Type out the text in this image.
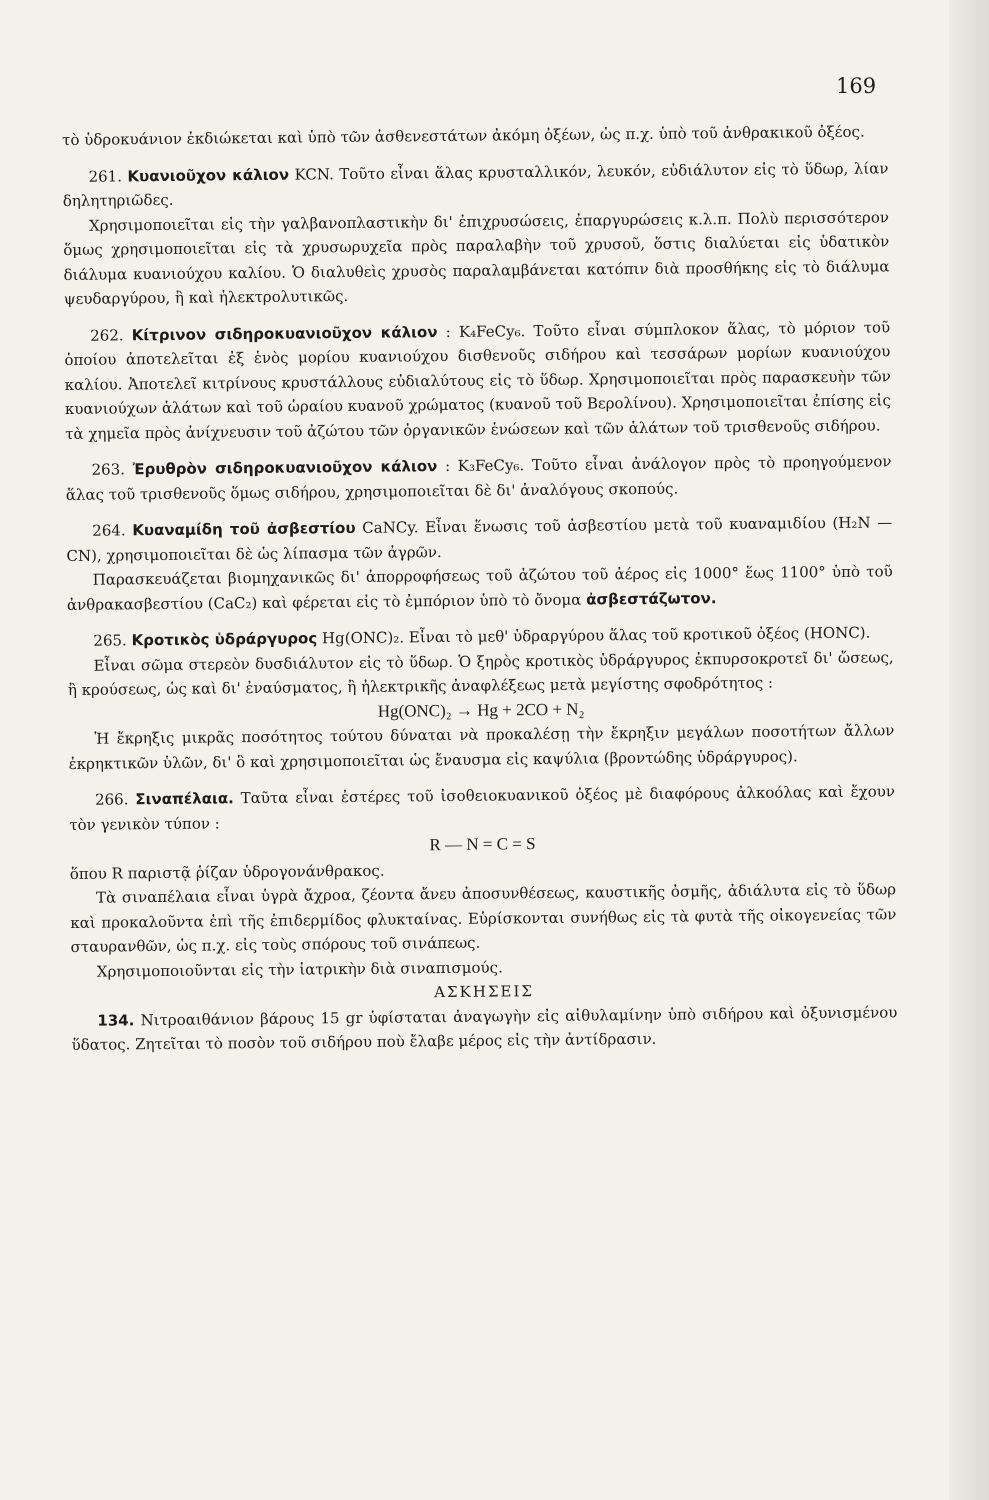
169

τὸ ὑδροκυάνιον ἐκδιώκεται καὶ ὑπὸ τῶν ἀσθενεστάτων ἀκόμη ὀξέων, ὡς π.χ. ὑπὸ τοῦ ἀνθρακικοῦ ὀξέος.

261. Κυανιοῦχον κάλιον KCN. Τοῦτο εἶναι ἅλας κρυσταλλικόν, λευκόν, εὐδιάλυτον εἰς τὸ ὕδωρ, λίαν δηλητηριῶδες.

Χρησιμοποιεῖται εἰς τὴν γαλβανοπλαστικὴν δι' ἐπιχρυσώσεις, ἐπαργυρώσεις κ.λ.π. Πολὺ περισσότερον ὅμως χρησιμοποιεῖται εἰς τὰ χρυσωρυχεῖα πρὸς παραλαβὴν τοῦ χρυσοῦ, ὅστις διαλύεται εἰς ὑδατικὸν διάλυμα κυανιούχου καλίου. Ὁ διαλυθεὶς χρυσὸς παραλαμβάνεται κατόπιν διὰ προσθήκης εἰς τὸ διάλυμα ψευδαργύρου, ἢ καὶ ἠλεκτρολυτικῶς.

262. Κίτρινον σιδηροκυανιοῦχον κάλιον : K₄FeCy₆. Τοῦτο εἶναι σύμπλοκον ἅλας, τὸ μόριον τοῦ ὁποίου ἀποτελεῖται ἐξ ἑνὸς μορίου κυανιούχου δισθενοῦς σιδήρου καὶ τεσσάρων μορίων κυανιούχου καλίου. Ἀποτελεῖ κιτρίνους κρυστάλλους εὐδιαλύτους εἰς τὸ ὕδωρ. Χρησιμοποιεῖται πρὸς παρασκευὴν τῶν κυανιούχων ἁλάτων καὶ τοῦ ὡραίου κυανοῦ χρώματος (κυανοῦ τοῦ Βερολίνου). Χρησιμοποιεῖται ἐπίσης εἰς τὰ χημεῖα πρὸς ἀνίχνευσιν τοῦ ἀζώτου τῶν ὀργανικῶν ἑνώσεων καὶ τῶν ἁλάτων τοῦ τρισθενοῦς σιδήρου.

263. Ἐρυθρὸν σιδηροκυανιοῦχον κάλιον : K₃FeCy₆. Τοῦτο εἶναι ἀνάλογον πρὸς τὸ προηγούμενον ἅλας τοῦ τρισθενοῦς ὅμως σιδήρου, χρησιμοποιεῖται δὲ δι' ἀναλόγους σκοπούς.

264. Κυαναμίδη τοῦ ἀσβεστίου CaNCy. Εἶναι ἕνωσις τοῦ ἀσβεστίου μετὰ τοῦ κυαναμιδίου (H₂N — CN), χρησιμοποιεῖται δὲ ὡς λίπασμα τῶν ἀγρῶν.

Παρασκευάζεται βιομηχανικῶς δι' ἀπορροφήσεως τοῦ ἀζώτου τοῦ ἀέρος εἰς 1000° ἕως 1100° ὑπὸ τοῦ ἀνθρακασβεστίου (CaC₂) καὶ φέρεται εἰς τὸ ἐμπόριον ὑπὸ τὸ ὄνομα ἀσβεστάζωτον.

265. Κροτικὸς ὑδράργυρος Hg(ONC)₂. Εἶναι τὸ μεθ' ὑδραργύρου ἅλας τοῦ κροτικοῦ ὀξέος (HONC).

Εἶναι σῶμα στερεὸν δυσδιάλυτον εἰς τὸ ὕδωρ. Ὁ ξηρὸς κροτικὸς ὑδράργυρος ἐκπυρσοκροτεῖ δι' ὤσεως, ἢ κρούσεως, ὡς καὶ δι' ἐναύσματος, ἢ ἠλεκτρικῆς ἀναφλέξεως μετὰ μεγίστης σφοδρότητος :

Hg(ONC)₂ → Hg + 2CO + N₂

Ἡ ἔκρηξις μικρᾶς ποσότητος τούτου δύναται νὰ προκαλέσῃ τὴν ἔκρηξιν μεγάλων ποσοτήτων ἄλλων ἐκρηκτικῶν ὑλῶν, δι' ὃ καὶ χρησιμοποιεῖται ὡς ἔναυσμα εἰς καψύλια (βροντώδης ὑδράργυρος).

266. Σιναπέλαια. Ταῦτα εἶναι ἐστέρες τοῦ ἰσοθειοκυανικοῦ ὀξέος μὲ διαφόρους ἀλκοόλας καὶ ἔχουν τὸν γενικὸν τύπον :

R — N = C = S

ὅπου R παριστᾷ ῥίζαν ὑδρογονάνθρακος.

Τὰ σιναπέλαια εἶναι ὑγρὰ ἄχροα, ζέοντα ἄνευ ἀποσυνθέσεως, καυστικῆς ὀσμῆς, ἀδιάλυτα εἰς τὸ ὕδωρ καὶ προκαλοῦντα ἐπὶ τῆς ἐπιδερμίδος φλυκταίνας. Εὑρίσκονται συνήθως εἰς τὰ φυτὰ τῆς οἰκογενείας τῶν σταυρανθῶν, ὡς π.χ. εἰς τοὺς σπόρους τοῦ σινάπεως.

Χρησιμοποιοῦνται εἰς τὴν ἰατρικὴν διὰ σιναπισμούς.

ΑΣΚΗΣΕΙΣ

134. Νιτροαιθάνιον βάρους 15 gr ὑφίσταται ἀναγωγὴν εἰς αἰθυλαμίνην ὑπὸ σιδήρου καὶ ὀξυνισμένου ὕδατος. Ζητεῖται τὸ ποσὸν τοῦ σιδήρου ποὺ ἔλαβε μέρος εἰς τὴν ἀντίδρασιν.
